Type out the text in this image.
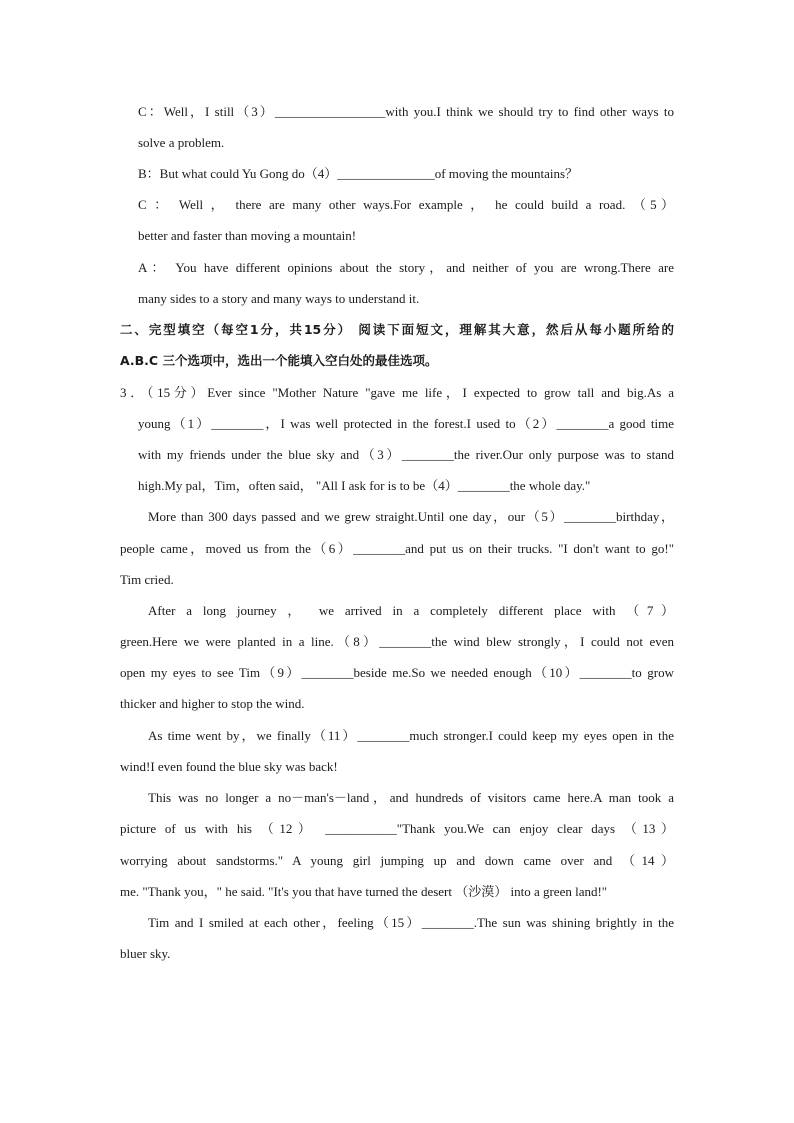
C：Well，I still（3）_________________with you.I think we should try to find other ways to
solve a problem.
B：But what could Yu Gong do（4）_______________of moving the mountains？
C ： Well ， there are many other ways.For example ， he could build a road. （5）
better and faster than moving a mountain!
A： You have different opinions about the story，and neither of you are wrong.There are
many sides to a story and many ways to understand it.
二、完型填空（每空1分，共15分） 阅读下面短文，理解其大意，然后从每小题所给的
A.B.C 三个选项中，选出一个能填入空白处的最佳选项。
3．（15分）Ever since "Mother Nature "gave me life，I expected to grow tall and big.As a
young（1）________，I was well protected in the forest.I used to（2）________a good time
with my friends under the blue sky and（3）________the river.Our only purpose was to stand
high.My pal，Tim，often said， "All I ask for is to be（4）________the whole day."
More than 300 days passed and we grew straight.Until one day，our（5）________birthday，
people came，moved us from the（6）________and put us on their trucks. "I don't want to go!"
Tim cried.
After a long journey ， we arrived in a completely different place with （7）
green.Here we were planted in a line.（8）________the wind blew strongly，I could not even
open my eyes to see Tim（9）________beside me.So we needed enough（10）________to grow
thicker and higher to stop the wind.
As time went by，we finally（11）________much stronger.I could keep my eyes open in the
wind!I even found the blue sky was back!
This was no longer a no－man's－land，and hundreds of visitors came here.A man took a
picture of us with his （12） ___________"Thank you.We can enjoy clear days （13）
worrying about sandstorms." A young girl jumping up and down came over and （14）
me. "Thank you，" he said. "It's you that have turned the desert （沙漠） into a green land!"
Tim and I smiled at each other，feeling（15）________.The sun was shining brightly in the
bluer sky.
